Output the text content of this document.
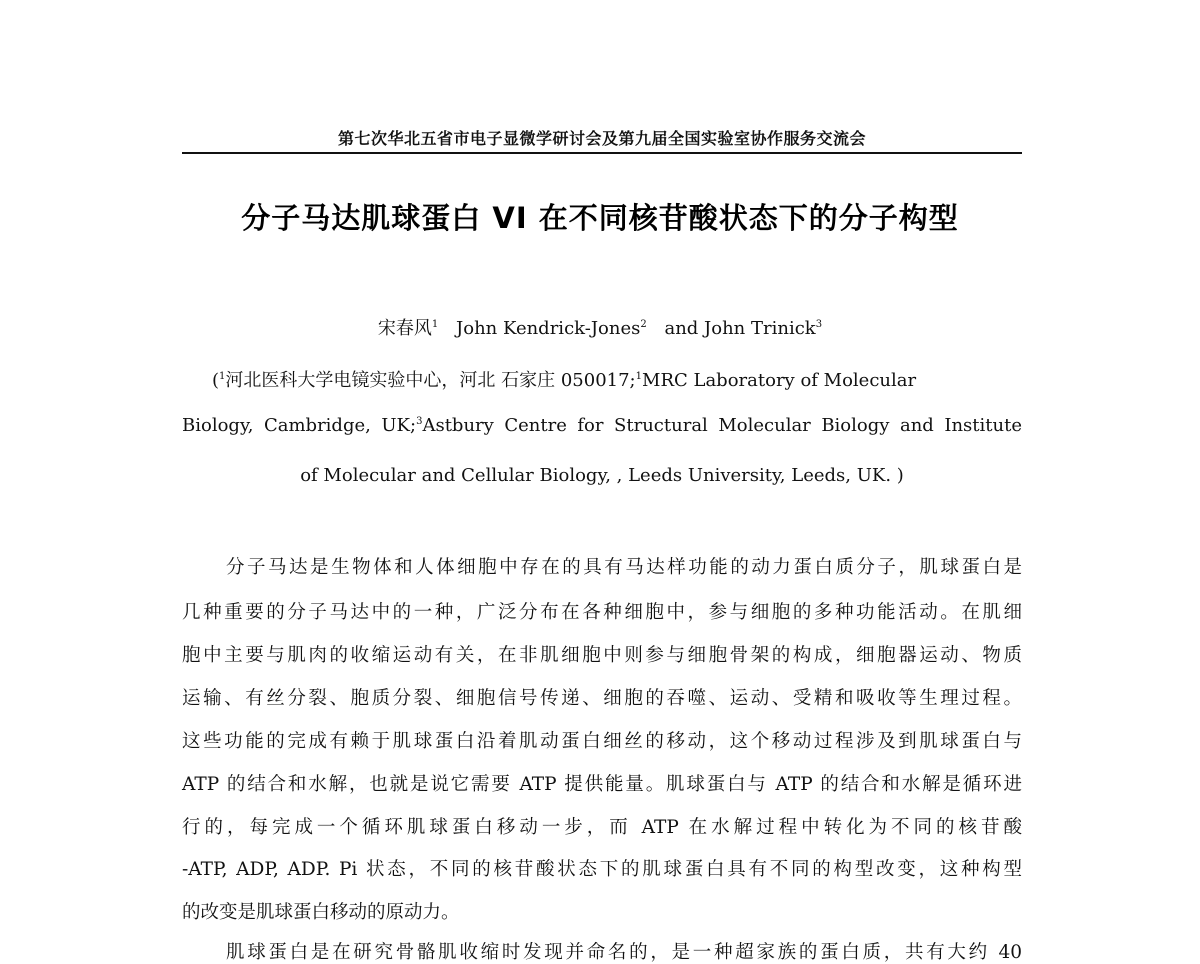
第七次华北五省市电子显微学研讨会及第九届全国实验室协作服务交流会
分子马达肌球蛋白 VI 在不同核苷酸状态下的分子构型
宋春风$^1$ John Kendrick-Jones$^2$ and John Trinick$^3$
($^1$河北医科大学电镜实验中心，河北 石家庄 050017;$^1$MRC Laboratory of Molecular
Biology, Cambridge, UK;$^3$Astbury Centre for Structural Molecular Biology and Institute
of Molecular and Cellular Biology, , Leeds University, Leeds, UK. )
分子马达是生物体和人体细胞中存在的具有马达样功能的动力蛋白质分子，肌球蛋白是
几种重要的分子马达中的一种，广泛分布在各种细胞中，参与细胞的多种功能活动。在肌细
胞中主要与肌肉的收缩运动有关，在非肌细胞中则参与细胞骨架的构成，细胞器运动、物质
运输、有丝分裂、胞质分裂、细胞信号传递、细胞的吞噬、运动、受精和吸收等生理过程。
这些功能的完成有赖于肌球蛋白沿着肌动蛋白细丝的移动，这个移动过程涉及到肌球蛋白与
ATP 的结合和水解，也就是说它需要 ATP 提供能量。肌球蛋白与 ATP 的结合和水解是循环进
行的，每完成一个循环肌球蛋白移动一步，而 ATP 在水解过程中转化为不同的核苷酸
-ATP, ADP, ADP. Pi 状态，不同的核苷酸状态下的肌球蛋白具有不同的构型改变，这种构型
的改变是肌球蛋白移动的原动力。
肌球蛋白是在研究骨骼肌收缩时发现并命名的，是一种超家族的蛋白质，共有大约 40
